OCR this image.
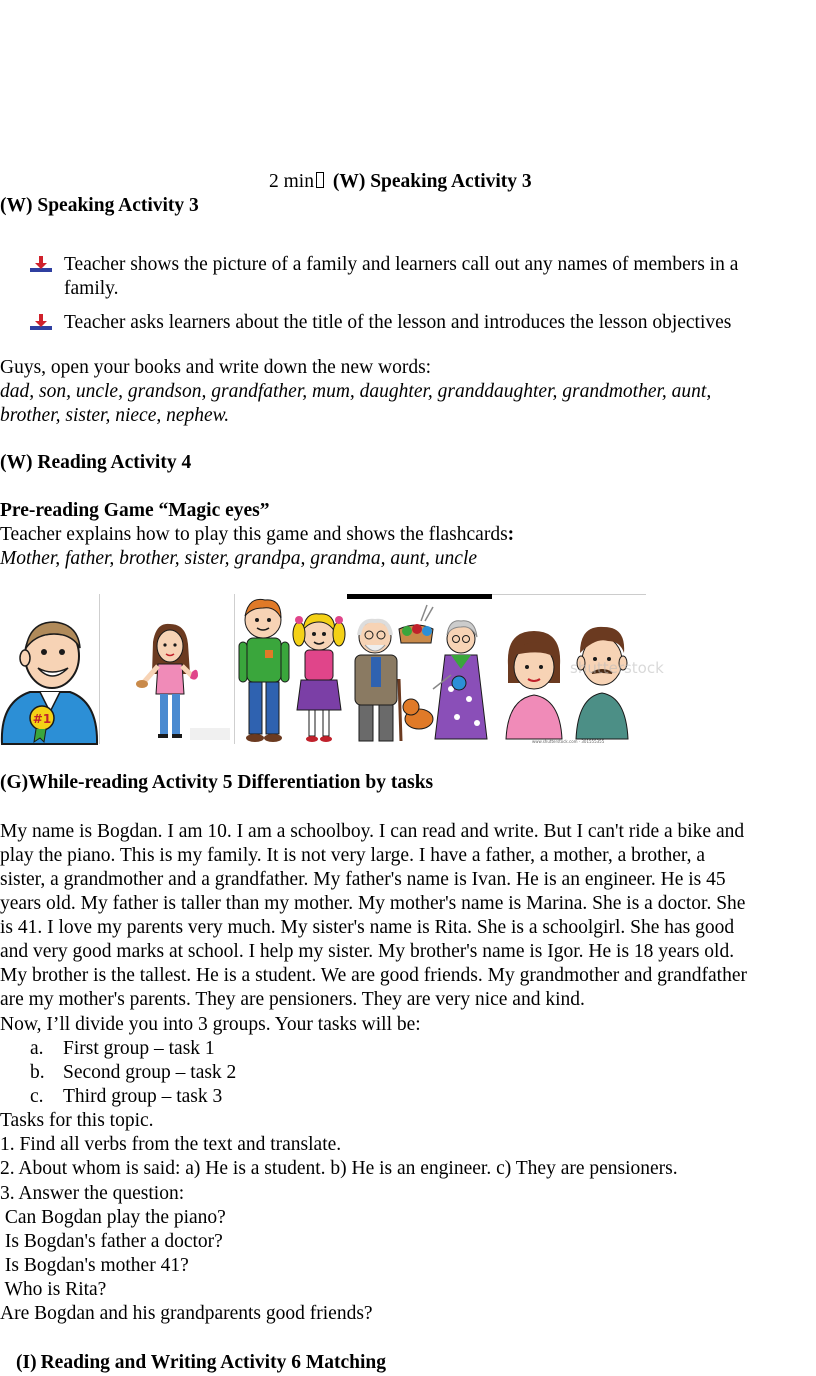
2 min (W) Speaking Activity 3
(W) Speaking Activity 3
Teacher shows the picture of a family and learners call out any names of members in a
family.
Teacher asks learners about the title of the lesson and introduces the lesson objectives
Guys, open your books and write down the new words:
dad, son, uncle, grandson, grandfather, mum, daughter, granddaughter, grandmother, aunt,
brother, sister, niece, nephew.
(W) Reading Activity 4
Pre-reading Game “Magic eyes”
Teacher explains how to play this game and shows the flashcards:
Mother, father, brother, sister, grandpa, grandma, aunt, uncle
#1
shutterstock
www.shutterstock.com · 301555355
(G)While-reading Activity 5 Differentiation by tasks
My name is Bogdan. I am 10. I am a schoolboy. I can read and write. But I can't ride a bike and
play the piano. This is my family. It is not very large. I have a father, a mother, a brother, a
sister, a grandmother and a grandfather. My father's name is Ivan. He is an engineer. He is 45
years old. My father is taller than my mother. My mother's name is Marina. She is a doctor. She
is 41. I love my parents very much. My sister's name is Rita. She is a schoolgirl. She has good
and very good marks at school. I help my sister. My brother's name is Igor. He is 18 years old.
My brother is the tallest. He is a student. We are good friends. My grandmother and grandfather
are my mother's parents. They are pensioners. They are very nice and kind.
Now, I’ll divide you into 3 groups. Your tasks will be:
a. First group – task 1
b. Second group – task 2
c. Third group – task 3
Tasks for this topic.
1. Find all verbs from the text and translate.
2. About whom is said: a) He is a student. b) He is an engineer. c) They are pensioners.
3. Answer the question:
Can Bogdan play the piano?
Is Bogdan's father a doctor?
Is Bogdan's mother 41?
Who is Rita?
Are Bogdan and his grandparents good friends?
(I) Reading and Writing Activity 6 Matching
